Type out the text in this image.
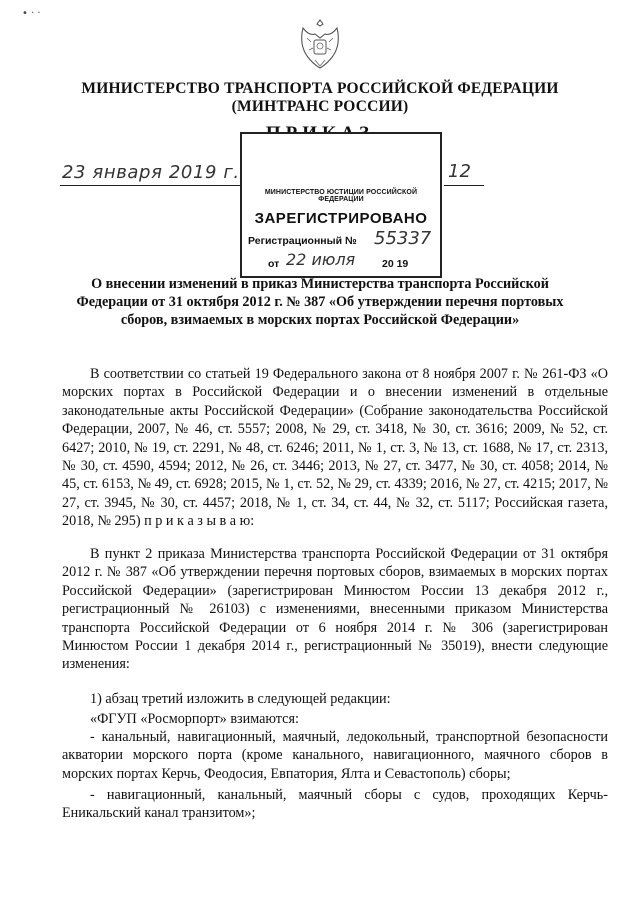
• · ·
МИНИСТЕРСТВО ТРАНСПОРТА РОССИЙСКОЙ ФЕДЕРАЦИИ
(МИНТРАНС РОССИИ)
23 января 2019 г.	12
МИНИСТЕРСТВО ЮСТИЦИИ РОССИЙСКОЙ ФЕДЕРАЦИИ
ЗАРЕГИСТРИРОВАНО
Регистрационный № 55337
от 22 июля	20 19
О внесении изменений в приказ Министерства транспорта Российской Федерации от 31 октября 2012 г. № 387 «Об утверждении перечня портовых сборов, взимаемых в морских портах Российской Федерации»

В соответствии со статьей 19 Федерального закона от 8 ноября 2007 г. № 261-ФЗ «О морских портах в Российской Федерации и о внесении изменений в отдельные законодательные акты Российской Федерации» (Собрание законодательства Российской Федерации, 2007, № 46, ст. 5557; 2008, № 29, ст. 3418, № 30, ст. 3616; 2009, № 52, ст. 6427; 2010, № 19, ст. 2291, № 48, ст. 6246; 2011, № 1, ст. 3, № 13, ст. 1688, № 17, ст. 2313, № 30, ст. 4590, 4594; 2012, № 26, ст. 3446; 2013, № 27, ст. 3477, № 30, ст. 4058; 2014, № 45, ст. 6153, № 49, ст. 6928; 2015, № 1, ст. 52, № 29, ст. 4339; 2016, № 27, ст. 4215; 2017, № 27, ст. 3945, № 30, ст. 4457; 2018, № 1, ст. 34, ст. 44, № 32, ст. 5117; Российская газета, 2018, № 295) п р и к а з ы в а ю:

В пункт 2 приказа Министерства транспорта Российской Федерации от 31 октября 2012 г. № 387 «Об утверждении перечня портовых сборов, взимаемых в морских портах Российской Федерации» (зарегистрирован Минюстом России 13 декабря 2012 г., регистрационный № 26103) с изменениями, внесенными приказом Министерства транспорта Российской Федерации от 6 ноября 2014 г. № 306 (зарегистрирован Минюстом России 1 декабря 2014 г., регистрационный № 35019), внести следующие изменения:

1) абзац третий изложить в следующей редакции:

«ФГУП «Росморпорт» взимаются:

- канальный, навигационный, маячный, ледокольный, транспортной безопасности акватории морского порта (кроме канального, навигационного, маячного сборов в морских портах Керчь, Феодосия, Евпатория, Ялта и Севастополь) сборы;

- навигационный, канальный, маячный сборы с судов, проходящих Керчь-Еникальский канал транзитом»;
